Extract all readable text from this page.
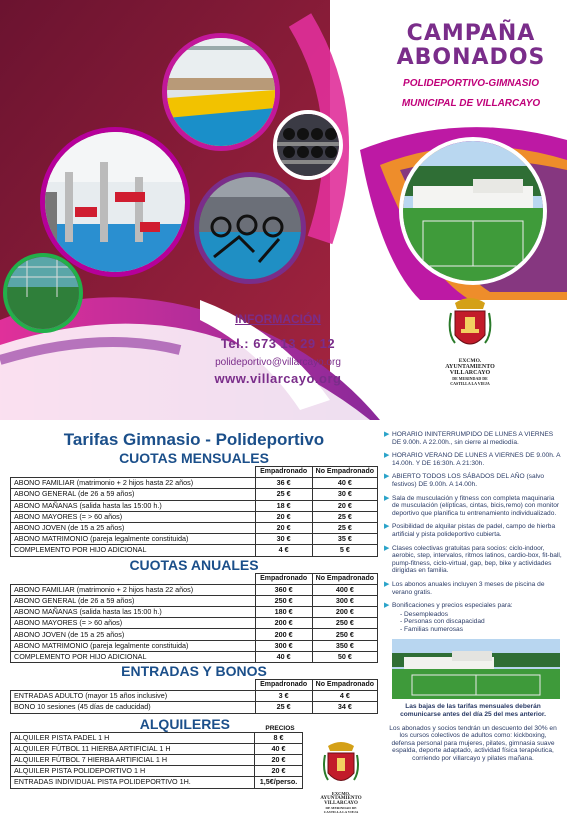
CAMPAÑA
ABONADOS
POLIDEPORTIVO-GIMNASIO
MUNICIPAL DE VILLARCAYO
EXCMO.
AYUNTAMIENTO
VILLARCAYO
DE MERINDAD DE
CASTILLA LA VIEJA
INFORMACIÓN
Tel.: 673 13 29 12
polideportivo@villarcayo.org
www.villarcayo.org
Tarifas Gimnasio - Polideportivo
CUOTAS MENSUALES
	Empadronado	No Empadronado
ABONO FAMILIAR (matrimonio + 2 hijos hasta 22 años)	36 €	40 €
ABONO GENERAL (de 26 a 59 años)	25 €	30 €
ABONO MAÑANAS (salida hasta las 15:00 h.)	18 €	20 €
ABONO MAYORES (= > 60 años)	20 €	25 €
ABONO JOVEN (de 15 a 25 años)	20 €	25 €
ABONO MATRIMONIO (pareja legalmente constituida)	30 €	35 €
COMPLEMENTO POR HIJO ADICIONAL	4 €	5 €
CUOTAS ANUALES
	Empadronado	No Empadronado
ABONO FAMILIAR (matrimonio + 2 hijos hasta 22 años)	360 €	400 €
ABONO GENERAL (de 26 a 59 años)	250 €	300 €
ABONO MAÑANAS (salida hasta las 15:00 h.)	180 €	200 €
ABONO MAYORES (= > 60 años)	200 €	250 €
ABONO JOVEN (de 15 a 25 años)	200 €	250 €
ABONO MATRIMONIO (pareja legalmente constituida)	300 €	350 €
COMPLEMENTO POR HIJO ADICIONAL	40 €	50 €
ENTRADAS Y BONOS
	Empadronado	No Empadronado
ENTRADAS ADULTO (mayor 15 años inclusive)	3 €	4 €
BONO 10 sesiones (45 días de caducidad)	25 €	34 €
ALQUILERES	PRECIOS
ALQUILER PISTA PADEL 1 H	8 €
ALQUILER FÚTBOL 11 HIERBA ARTIFICIAL 1 H	40 €
ALQUILER FÚTBOL 7 HIERBA ARTIFICIAL 1 H	20 €
ALQUILER PISTA POLIDEPORTIVO 1 H	20 €
ENTRADAS INDIVIDUAL PISTA POLIDEPORTIVO 1H.	1,5€/perso.
EXCMO.
AYUNTAMIENTO
VILLARCAYO
DE MERINDAD DE
CASTILLA LA VIEJA
▶ HORARIO ININTERRUMPIDO DE LUNES A VIERNES DE 9.00h. A 22.00h., sin cierre al mediodía.
▶ HORARIO VERANO DE LUNES A VIERNES DE 9.00h. A 14.00h. Y DE 16:30h. A 21:30h.
▶ ABIERTO TODOS LOS SÁBADOS DEL AÑO (salvo festivos) DE 9.00h. A 14.00h.
▶ Sala de musculación y fitness con completa maquinaria de musculación (elípticas, cintas, bicis,remo) con monitor deportivo que planifica tu entrenamiento individualizado.
▶ Posibilidad de alquilar pistas de padel, campo de hierba artificial y pista polideportivo cubierta.
▶ Clases colectivas gratuitas para socios: ciclo-indoor, aerobic, step, intervalos, ritmos latinos, cardio-box, fit-ball, pump-fitness, ciclo-virtual, gap, bep, bike y actividades dirigidas en familia.
▶ Los abonos anuales incluyen 3 meses de piscina de verano gratis.
▶ Bonificaciones y precios especiales para:
- Desempleados
- Personas con discapacidad
- Familias numerosas
Las bajas de las tarifas mensuales deberán comunicarse antes del día 25 del mes anterior.
Los abonados y socios tendrán un descuento del 30% en los cursos colectivos de adultos como: kickboxing, defensa personal para mujeres, pilates, gimnasia suave espalda, deporte adaptado, actividad física terapéutica, corriendo por villarcayo y pilates mañana.
